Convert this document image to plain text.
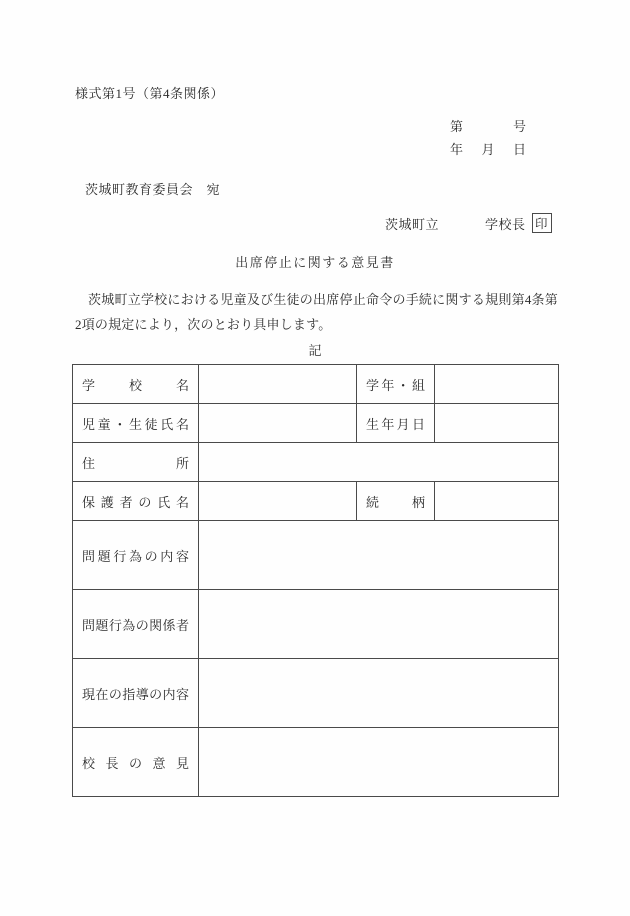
様式第1号（第4条関係）
第	号
年 月 日
茨城町教育委員会　宛
茨城町立	学校長 印
出席停止に関する意見書

茨城町立学校における児童及び生徒の出席停止命令の手続に関する規則第4条第2項の規定により，次のとおり具申します。

記
学 校 名		学 年 ・ 組	

児 童 ・ 生 徒 氏 名		生 年 月 日

住 所			

保 護 者 の 氏 名		続	柄

問 題 行 為 の 内 容

問 題 行 為 の 関 係 者

現 在 の 指 導 の 内 容

校 長 の 意 見			
